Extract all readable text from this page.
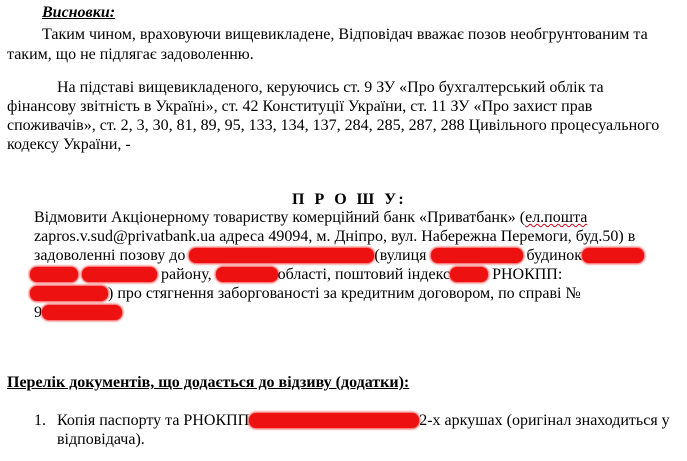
Висновки:
Таким чином, враховуючи вищевикладене, Відповідач вважає позов необгрунтованим та
таким, що не підлягає задоволенню.
На підставі вищевикладеного, керуючись ст. 9 ЗУ «Про бухгалтерський облік та
фінансову звітність в Україні», ст. 42 Конституції України, ст. 11 ЗУ «Про захист прав
споживачів», ст. 2, 3, 30, 81, 89, 95, 133, 134, 137, 284, 285, 287, 288 Цивільного процесуального
кодексу України, -
П Р О Ш У:
Відмовити Акціонерному товариству комерційний банк «Приватбанк» (ел.пошта
zapros.v.sud@privatbank.ua адреса 49094, м. Дніпро, вул. Набережна Перемоги, буд.50) в
задоволенні позову до	(вулиця	будинок
району,	області, поштовий індекс	РНОКПП:
) про стягнення заборгованості за кредитним договором, по справі №
9
Перелік документів, що додається до відзиву (додатки):
1. Копія паспорту та РНОКПП	2-х аркушах (оригінал знаходиться у
відповідача).
